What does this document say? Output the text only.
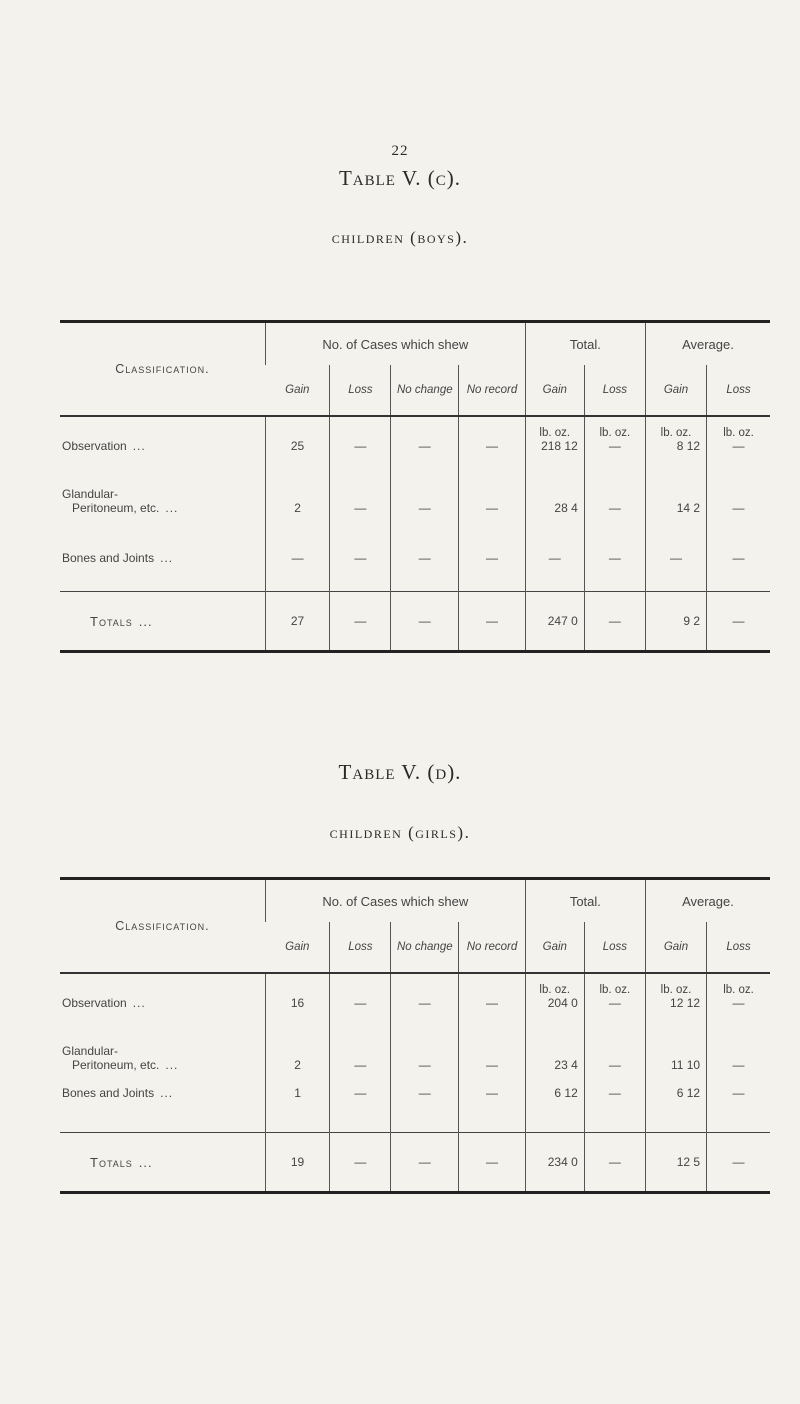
22
Table V. (c).
children (boys).
Classification.	No. of Cases which shew				Total.		Average.	
	Gain	Loss	No change	No record	Gain	Loss	Gain	Loss
					lb. oz.	lb. oz.	lb. oz.	lb. oz.
Observation ...	25	—	—	—	218 12	—	8 12	—

Glandular-
Peritoneum, etc. ...	2	—	—	—	28 4	—	14 2	—
Bones and Joints ...	—	—	—	—	—	—	—	—

Totals ...	27	—	—	—	247 0	—	9 2	—
Table V. (d).
children (girls).
Classification.	No. of Cases which shew				Total.		Average.	
	Gain	Loss	No change	No record	Gain	Loss	Gain	Loss
					lb. oz.	lb. oz.	lb. oz.	lb. oz.
Observation ...	16	—	—	—	204 0	—	12 12	—

Glandular-
Peritoneum, etc. ...	2	—	—	—	23 4	—	11 10	—
Bones and Joints ...	1	—	—	—	6 12	—	6 12	—

Totals ...	19	—	—	—	234 0	—	12 5	—
